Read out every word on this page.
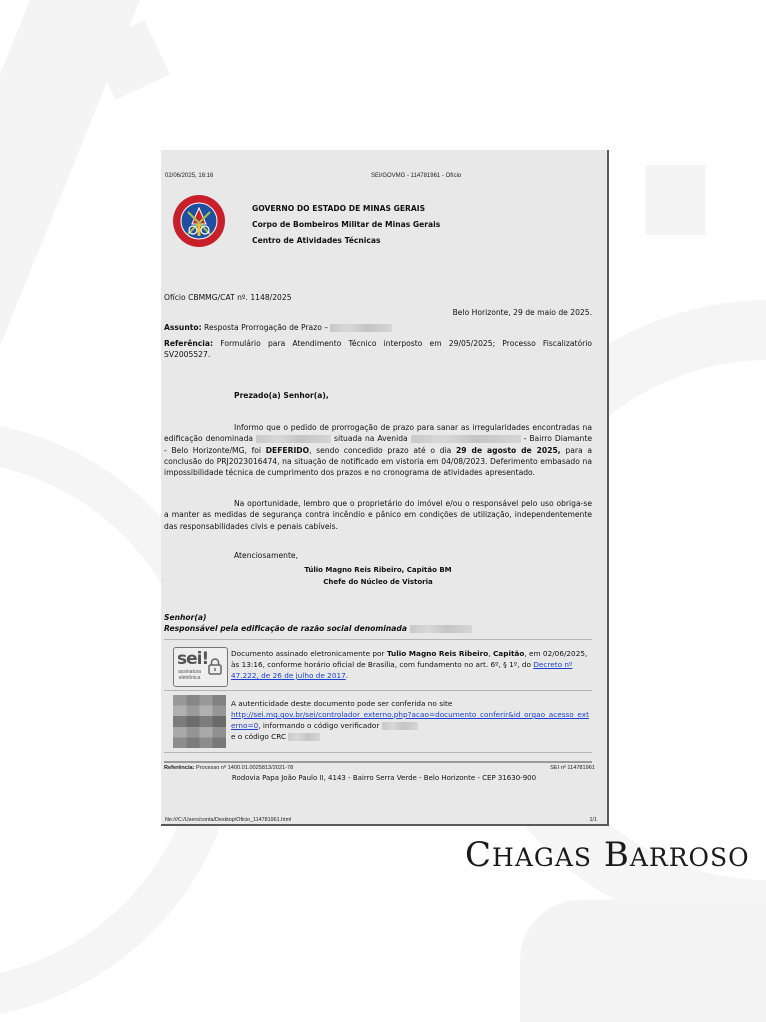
02/06/2025, 16:16	SEI/GOVMG - 114781961 - Ofício
GOVERNO DO ESTADO DE MINAS GERAIS
Corpo de Bombeiros Militar de Minas Gerais
Centro de Atividades Técnicas
Ofício CBMMG/CAT nº. 1148/2025
Belo Horizonte, 29 de maio de 2025.
Assunto: Resposta Prorrogação de Prazo –
Referência: Formulário para Atendimento Técnico interposto em 29/05/2025; Processo Fiscalizatório SV2005527.
Prezado(a) Senhor(a),
Informo que o pedido de prorrogação de prazo para sanar as irregularidades encontradas na edificação denominada	situada na Avenida	- Bairro Diamante - Belo Horizonte/MG, foi DEFERIDO, sendo concedido prazo até o dia 29 de agosto de 2025, para a conclusão do PRJ2023016474, na situação de notificado em vistoria em 04/08/2023. Deferimento embasado na impossibilidade técnica de cumprimento dos prazos e no cronograma de atividades apresentado.
Na oportunidade, lembro que o proprietário do imóvel e/ou o responsável pelo uso obriga-se a manter as medidas de segurança contra incêndio e pânico em condições de utilização, independentemente das responsabilidades civis e penais cabíveis.
Atenciosamente,
Túlio Magno Reis Ribeiro, Capitão BM
Chefe do Núcleo de Vistoria
Senhor(a)
Responsável pela edificação de razão social denominada
sei!
assinatura
eletrônica
Documento assinado eletronicamente por Tulio Magno Reis Ribeiro, Capitão, em 02/06/2025, às 13:16, conforme horário oficial de Brasília, com fundamento no art. 6º, § 1º, do Decreto nº 47.222, de 26 de julho de 2017.
A autenticidade deste documento pode ser conferida no site
http://sei.mg.gov.br/sei/controlador_externo.php?acao=documento_conferir&id_orgao_acesso_externo=0, informando o código verificador
e o código CRC
Referência: Processo nº 1400.01.0025813/2021-78	SEI nº 114781961
Rodovia Papa João Paulo II, 4143 - Bairro Serra Verde - Belo Horizonte - CEP 31630-900
file:///C:/Users/conta/Desktop/Oficio_114781961.html	1/1
CHAGAS BARROSO
